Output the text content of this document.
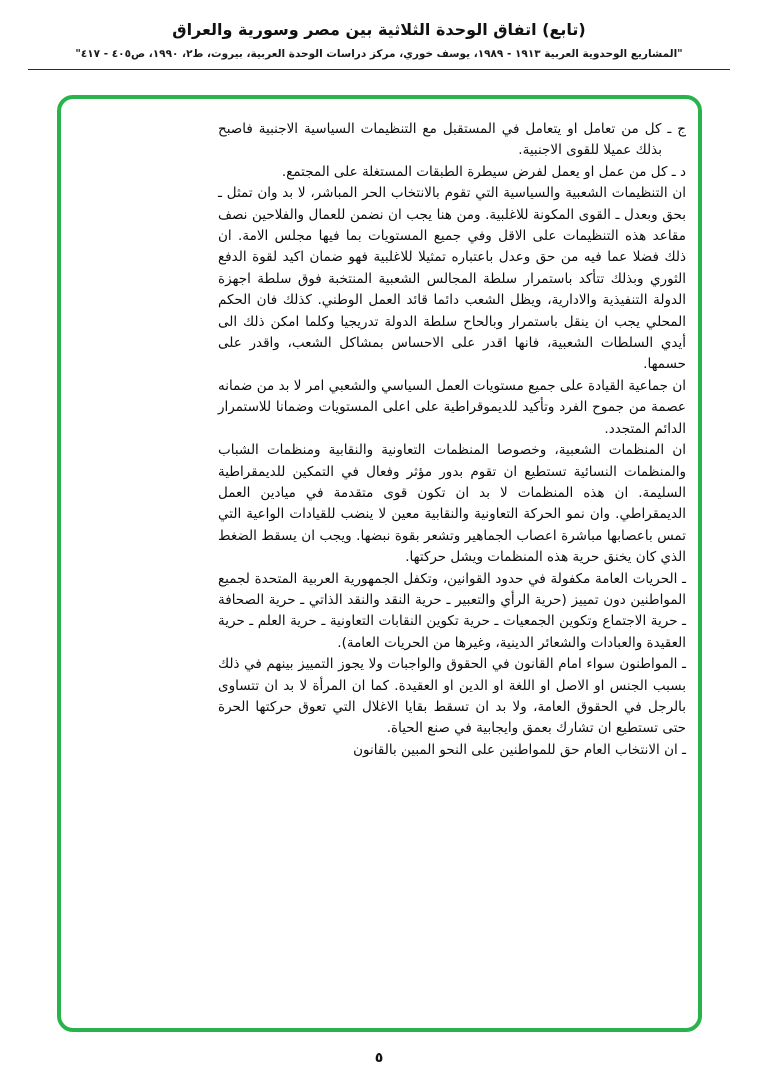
(تابع) اتفاق الوحدة الثلاثية بين مصر وسورية والعراق
"المشاريع الوحدوية العربية ١٩١٣ - ١٩٨٩، يوسف خوري، مركز دراسات الوحدة العربية، بيروت، ط٢، ١٩٩٠، ص٤٠٥ - ٤١٧"

ج ـ كل من تعامل او يتعامل في المستقبل مع التنظيمات السياسية الاجنبية فاصبح بذلك عميلا للقوى الاجنبية.

د ـ كل من عمل او يعمل لفرض سيطرة الطبقات المستغلة على المجتمع.

ان التنظيمات الشعبية والسياسية التي تقوم بالانتخاب الحر المباشر، لا بد وان تمثل ـ بحق وبعدل ـ القوى المكونة للاغلبية. ومن هنا يجب ان نضمن للعمال والفلاحين نصف مقاعد هذه التنظيمات على الاقل وفي جميع المستويات بما فيها مجلس الامة. ان ذلك فضلا عما فيه من حق وعدل باعتباره تمثيلا للاغلبية فهو ضمان اكيد لقوة الدفع الثوري وبذلك تتأكد باستمرار سلطة المجالس الشعبية المنتخبة فوق سلطة اجهزة الدولة التنفيذية والادارية، ويظل الشعب دائما قائد العمل الوطني. كذلك فان الحكم المحلي يجب ان ينقل باستمرار وبالحاح سلطة الدولة تدريجيا وكلما امكن ذلك الى أيدي السلطات الشعبية، فانها اقدر على الاحساس بمشاكل الشعب، واقدر على حسمها.

ان جماعية القيادة على جميع مستويات العمل السياسي والشعبي امر لا بد من ضمانه عصمة من جموح الفرد وتأكيد للديموقراطية على اعلى المستويات وضمانا للاستمرار الدائم المتجدد.

ان المنظمات الشعبية، وخصوصا المنظمات التعاونية والنقابية ومنظمات الشباب والمنظمات النسائية تستطيع ان تقوم بدور مؤثر وفعال في التمكين للديمقراطية السليمة. ان هذه المنظمات لا بد ان تكون قوى متقدمة في ميادين العمل الديمقراطي. وان نمو الحركة التعاونية والنقابية معين لا ينضب للقيادات الواعية التي تمس باعصابها مباشرة اعصاب الجماهير وتشعر بقوة نبضها. ويجب ان يسقط الضغط الذي كان يخنق حرية هذه المنظمات ويشل حركتها.

ـ الحريات العامة مكفولة في حدود القوانين، وتكفل الجمهورية العربية المتحدة لجميع المواطنين دون تمييز (حرية الرأي والتعبير ـ حرية النقد والنقد الذاتي ـ حرية الصحافة ـ حرية الاجتماع وتكوين الجمعيات ـ حرية تكوين النقابات التعاونية ـ حرية العلم ـ حرية العقيدة والعبادات والشعائر الدينية، وغيرها من الحريات العامة).

ـ المواطنون سواء امام القانون في الحقوق والواجبات ولا يجوز التمييز بينهم في ذلك بسبب الجنس او الاصل او اللغة او الدين او العقيدة. كما ان المرأة لا بد ان تتساوى بالرجل في الحقوق العامة، ولا بد ان تسقط بقايا الاغلال التي تعوق حركتها الحرة حتى تستطيع ان تشارك بعمق وايجابية في صنع الحياة.

ـ ان الانتخاب العام حق للمواطنين على النحو المبين بالقانون

٥
